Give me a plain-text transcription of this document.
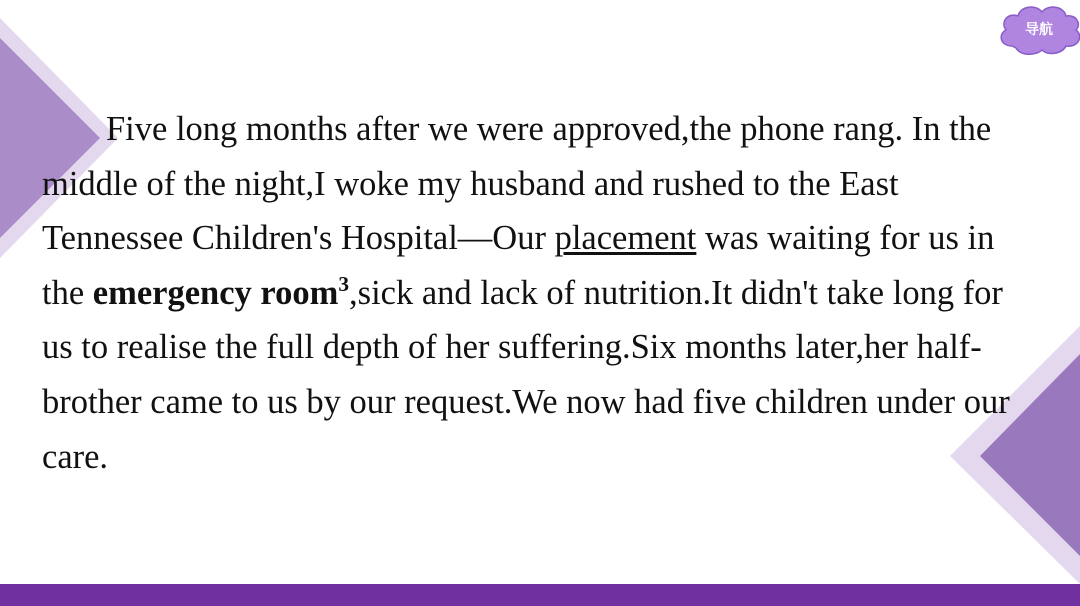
导航

Five long months after we were approved,the phone rang. In the middle of the night,I woke my husband and rushed to the East Tennessee Children's Hospital—Our placement was waiting for us in the emergency room$^3$,sick and lack of nutrition.It didn't take long for us to realise the full depth of her suffering.Six months later,her half-brother came to us by our request.We now had five children under our care.
